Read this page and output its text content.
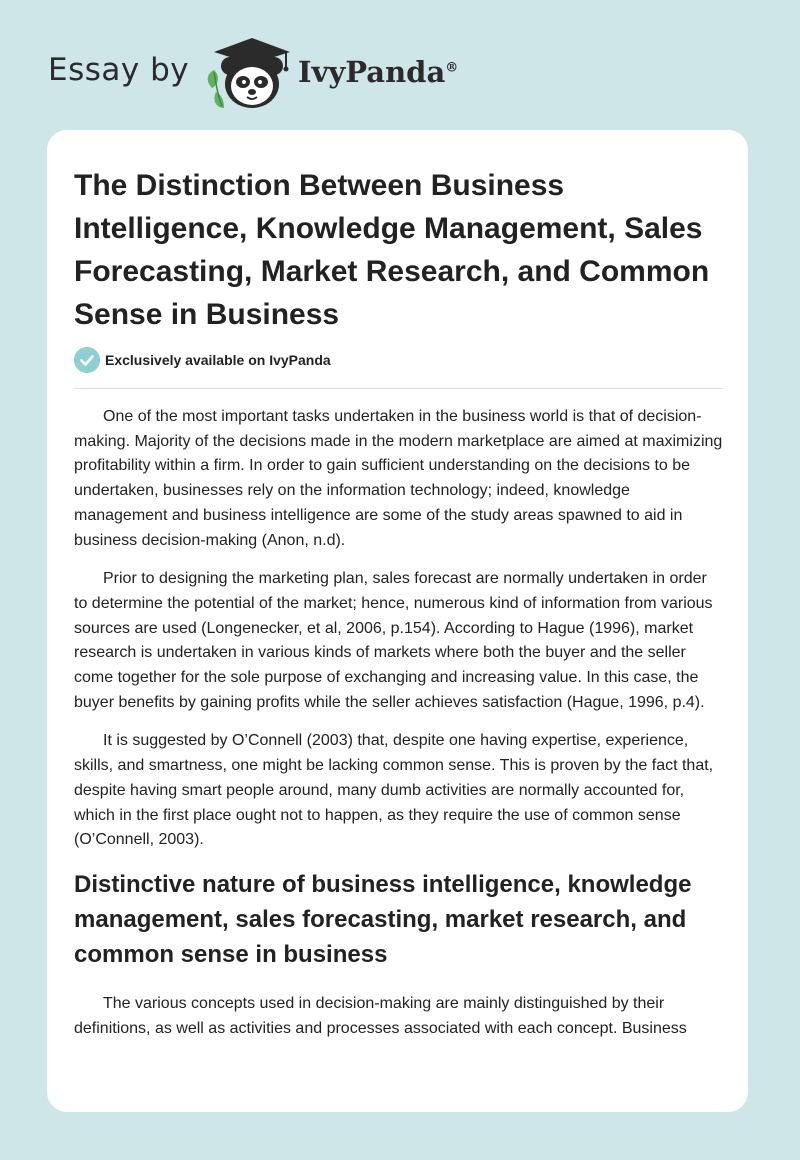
Essay by	IvyPanda®
The Distinction Between Business Intelligence, Knowledge Management, Sales Forecasting, Market Research, and Common Sense in Business
Exclusively available on IvyPanda

One of the most important tasks undertaken in the business world is that of decision-making. Majority of the decisions made in the modern marketplace are aimed at maximizing profitability within a firm. In order to gain sufficient understanding on the decisions to be undertaken, businesses rely on the information technology; indeed, knowledge management and business intelligence are some of the study areas spawned to aid in business decision-making (Anon, n.d).

Prior to designing the marketing plan, sales forecast are normally undertaken in order to determine the potential of the market; hence, numerous kind of information from various sources are used (Longenecker, et al, 2006, p.154). According to Hague (1996), market research is undertaken in various kinds of markets where both the buyer and the seller come together for the sole purpose of exchanging and increasing value. In this case, the buyer benefits by gaining profits while the seller achieves satisfaction (Hague, 1996, p.4).

It is suggested by O’Connell (2003) that, despite one having expertise, experience, skills, and smartness, one might be lacking common sense. This is proven by the fact that, despite having smart people around, many dumb activities are normally accounted for, which in the first place ought not to happen, as they require the use of common sense (O’Connell, 2003).

Distinctive nature of business intelligence, knowledge management, sales forecasting, market research, and common sense in business

The various concepts used in decision-making are mainly distinguished by their definitions, as well as activities and processes associated with each concept. Business
